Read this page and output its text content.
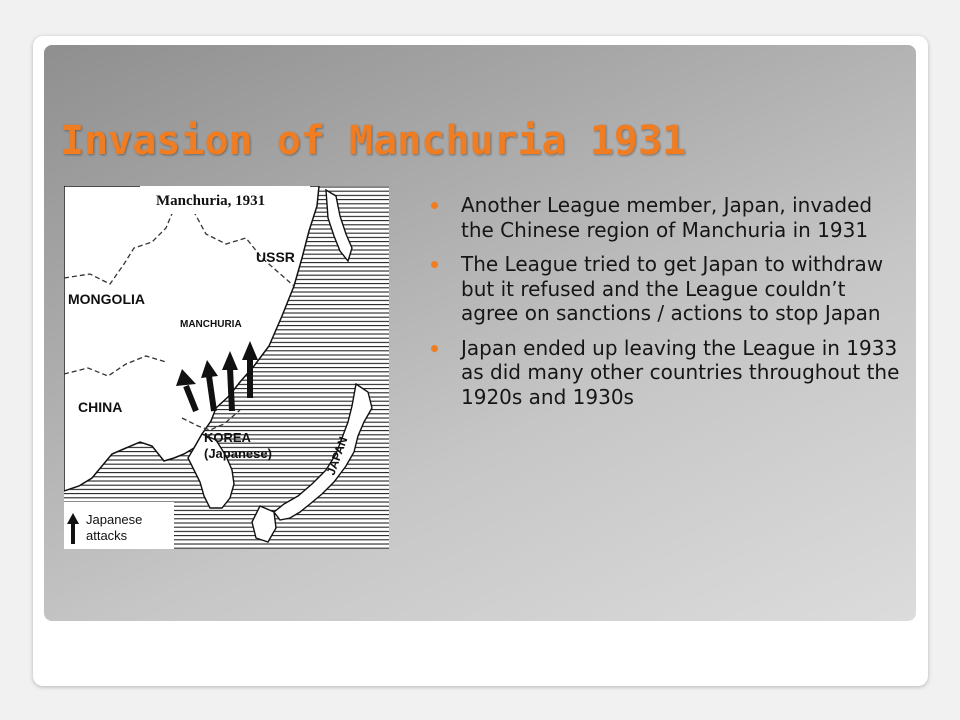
Invasion of Manchuria 1931
Manchuria, 1931
USSR
MONGOLIA
MANCHURIA
CHINA
KOREA
(Japanese)	JAPAN
Japanese
attacks
Another League member, Japan, invaded the Chinese region of Manchuria in 1931
The League tried to get Japan to withdraw but it refused and the League couldn’t agree on sanctions / actions to stop Japan
Japan ended up leaving the League in 1933 as did many other countries throughout the 1920s and 1930s
